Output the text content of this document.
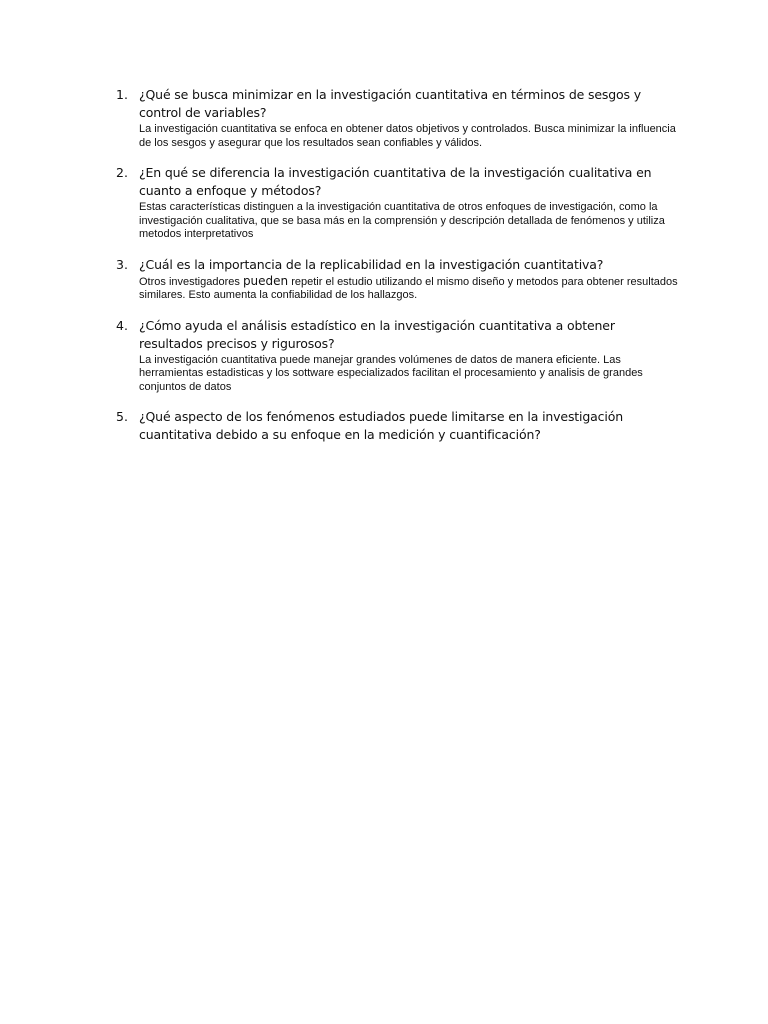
1. ¿Qué se busca minimizar en la investigación cuantitativa en términos de sesgos y control de variables?
La investigación cuantitativa se enfoca en obtener datos objetivos y controlados. Busca minimizar la influencia de los sesgos y asegurar que los resultados sean confiables y válidos.
2. ¿En qué se diferencia la investigación cuantitativa de la investigación cualitativa en cuanto a enfoque y métodos?
Estas características distinguen a la investigación cuantitativa de otros enfoques de investigación, como la investigación cualitativa, que se basa más en la comprensión y descripción detallada de fenómenos y utiliza metodos interpretativos
3. ¿Cuál es la importancia de la replicabilidad en la investigación cuantitativa?
Otros investigadores pueden repetir el estudio utilizando el mismo diseño y metodos para obtener resultados similares. Esto aumenta la confiabilidad de los hallazgos.
4. ¿Cómo ayuda el análisis estadístico en la investigación cuantitativa a obtener resultados precisos y rigurosos?
La investigación cuantitativa puede manejar grandes volúmenes de datos de manera eficiente. Las herramientas estadisticas y los sottware especializados facilitan el procesamiento y analisis de grandes conjuntos de datos
5. ¿Qué aspecto de los fenómenos estudiados puede limitarse en la investigación cuantitativa debido a su enfoque en la medición y cuantificación?
